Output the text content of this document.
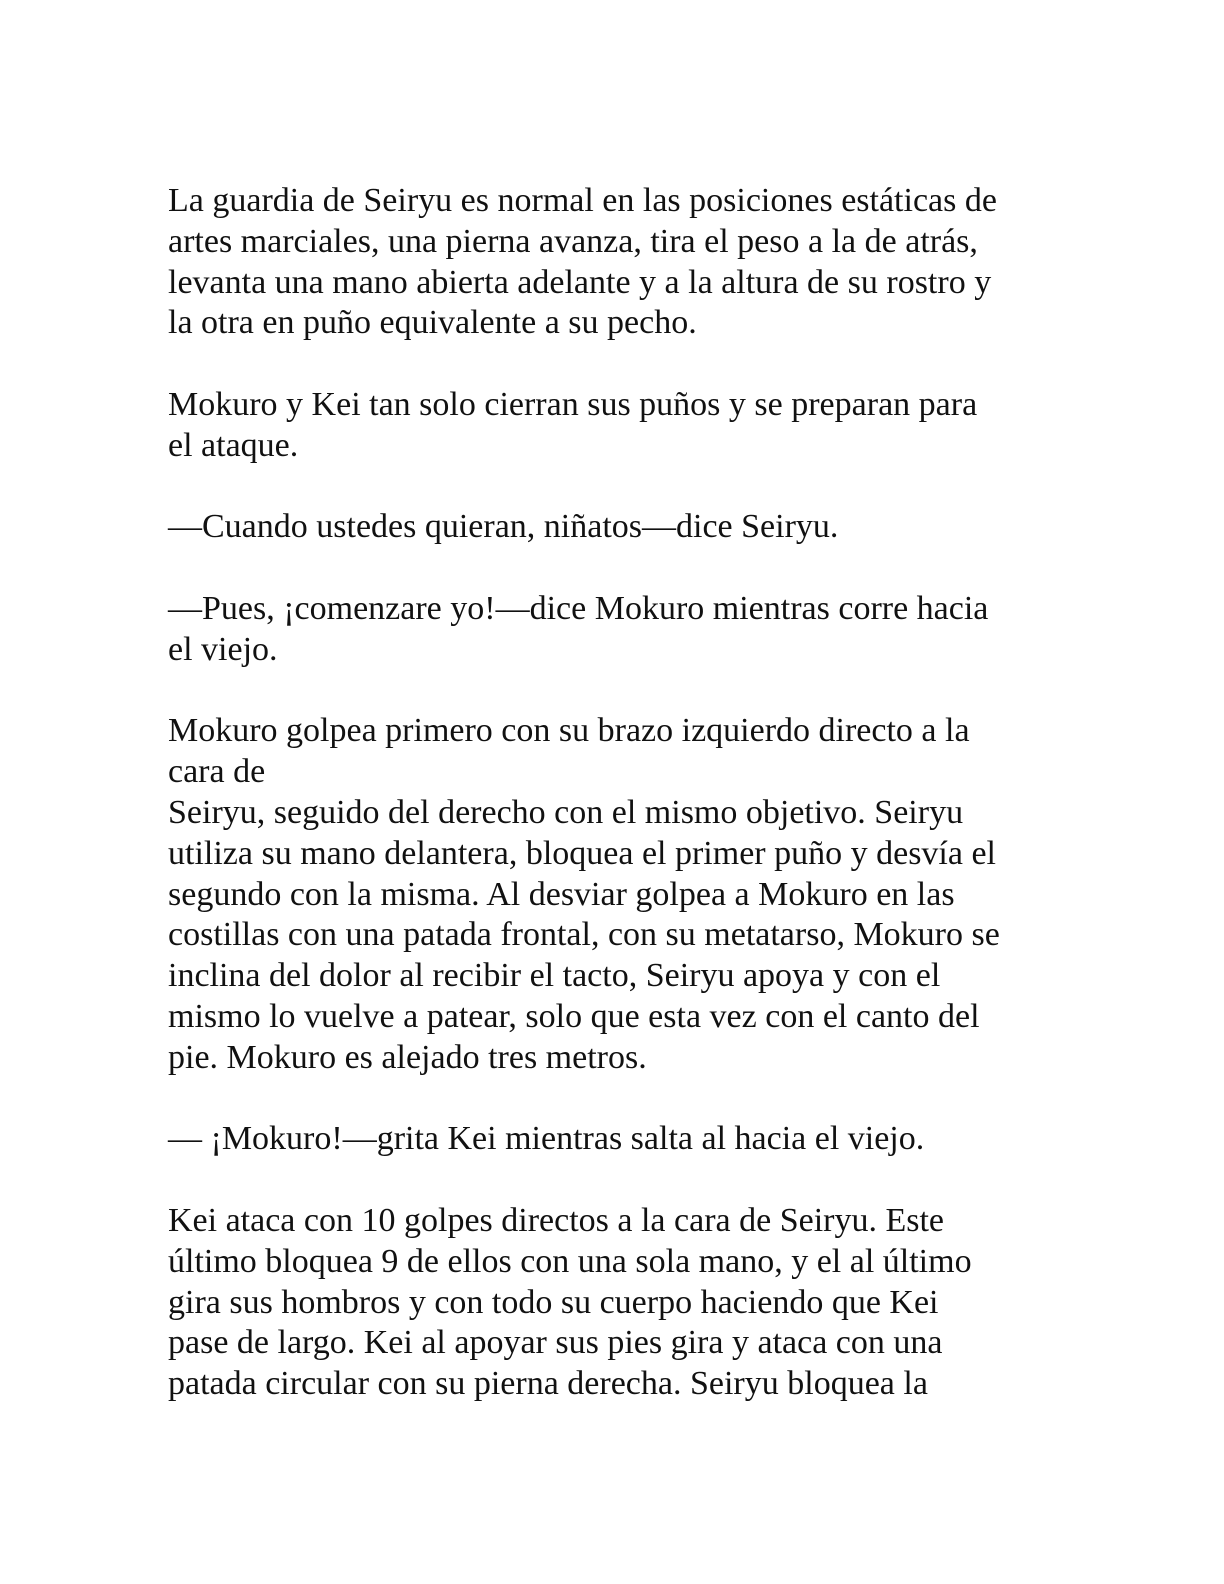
La guardia de Seiryu es normal en las posiciones estáticas de
artes marciales, una pierna avanza, tira el peso a la de atrás,
levanta una mano abierta adelante y a la altura de su rostro y
la otra en puño equivalente a su pecho.

Mokuro y Kei tan solo cierran sus puños y se preparan para
el ataque.

—Cuando ustedes quieran, niñatos—dice Seiryu.

—Pues, ¡comenzare yo!—dice Mokuro mientras corre hacia
el viejo.

Mokuro golpea primero con su brazo izquierdo directo a la
cara de
Seiryu, seguido del derecho con el mismo objetivo. Seiryu
utiliza su mano delantera, bloquea el primer puño y desvía el
segundo con la misma. Al desviar golpea a Mokuro en las
costillas con una patada frontal, con su metatarso, Mokuro se
inclina del dolor al recibir el tacto, Seiryu apoya y con el
mismo lo vuelve a patear, solo que esta vez con el canto del
pie. Mokuro es alejado tres metros.

— ¡Mokuro!—grita Kei mientras salta al hacia el viejo.

Kei ataca con 10 golpes directos a la cara de Seiryu. Este
último bloquea 9 de ellos con una sola mano, y el al último
gira sus hombros y con todo su cuerpo haciendo que Kei
pase de largo. Kei al apoyar sus pies gira y ataca con una
patada circular con su pierna derecha. Seiryu bloquea la
